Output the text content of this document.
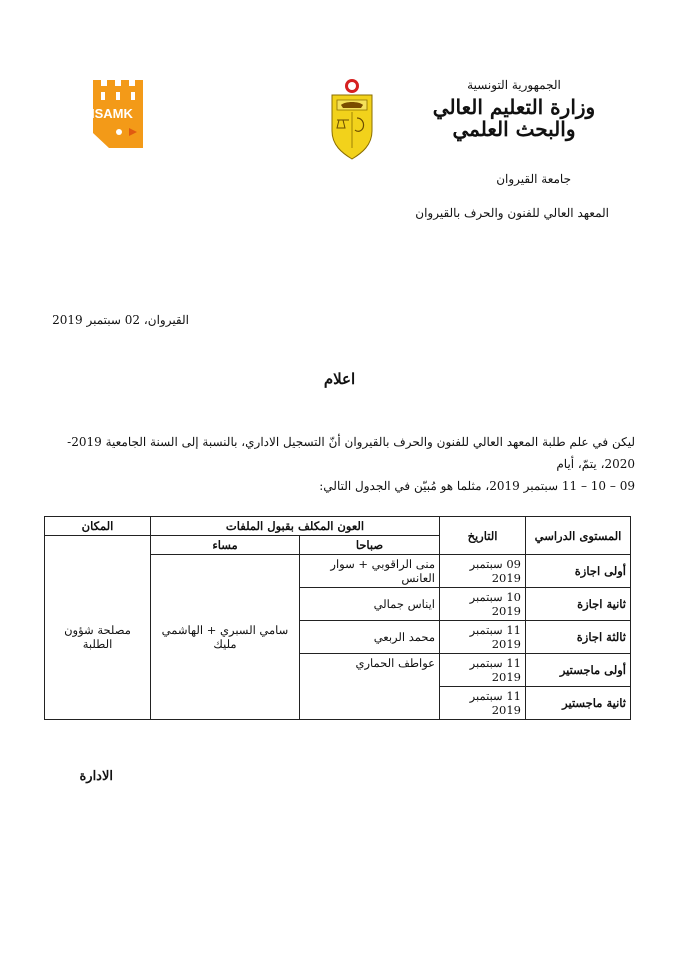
ISAMK
الجمهورية التونسية
وزارة التعليم العالي
والبحث العلمي
جامعة القيروان
المعهد العالي للفنون والحرف بالقيروان
القيروان، 02 سبتمبر 2019
اعلام
ليكن في علم طلبة المعهد العالي للفنون والحرف بالقيروان أنّ التسجيل الاداري، بالنسبة إلى السنة الجامعية 2019-2020، يتمّ، أيام
09 – 10 – 11 سبتمبر 2019، مثلما هو مُبيّن في الجدول التالي:
المستوى الدراسي	التاريخ	العون المكلف بقبول الملفات		المكان
		صباحا	مساء	
أولى اجازة	09 سبتمبر 2019	منى الراقوبي + سوار العانس	سامي السبري + الهاشمي مليك	مصلحة شؤون الطلبة
ثانية اجازة	10 سبتمبر 2019	ايناس جمالي		
ثالثة اجازة	11 سبتمبر 2019	محمد الربعي		
أولى ماجستير	11 سبتمبر 2019	عواطف الحماري		
ثانية ماجستير	11 سبتمبر 2019			
الادارة
